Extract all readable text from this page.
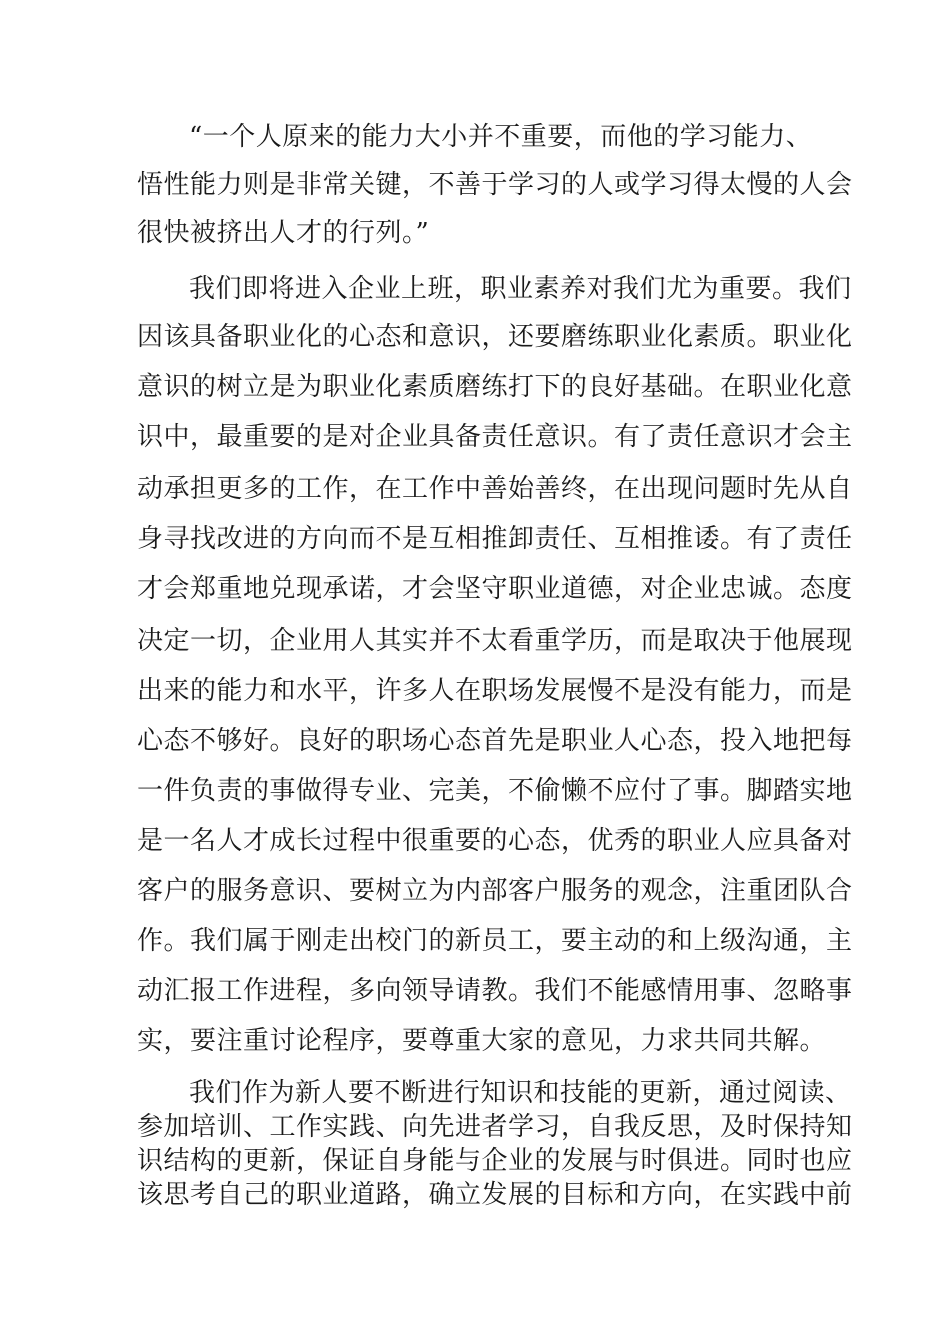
“一个人原来的能力大小并不重要，而他的学习能力、

悟性能力则是非常关键，不善于学习的人或学习得太慢的人会

很快被挤出人才的行列。”

我们即将进入企业上班，职业素养对我们尤为重要。我们

因该具备职业化的心态和意识，还要磨练职业化素质。职业化

意识的树立是为职业化素质磨练打下的良好基础。在职业化意

识中，最重要的是对企业具备责任意识。有了责任意识才会主

动承担更多的工作，在工作中善始善终，在出现问题时先从自

身寻找改进的方向而不是互相推卸责任、互相推诿。有了责任

才会郑重地兑现承诺，才会坚守职业道德，对企业忠诚。态度

决定一切，企业用人其实并不太看重学历，而是取决于他展现

出来的能力和水平，许多人在职场发展慢不是没有能力，而是

心态不够好。良好的职场心态首先是职业人心态，投入地把每

一件负责的事做得专业、完美，不偷懒不应付了事。脚踏实地

是一名人才成长过程中很重要的心态，优秀的职业人应具备对

客户的服务意识、要树立为内部客户服务的观念，注重团队合

作。我们属于刚走出校门的新员工，要主动的和上级沟通，主

动汇报工作进程，多向领导请教。我们不能感情用事、忽略事

实，要注重讨论程序，要尊重大家的意见，力求共同共解。

我们作为新人要不断进行知识和技能的更新，通过阅读、

参加培训、工作实践、向先进者学习，自我反思，及时保持知

识结构的更新，保证自身能与企业的发展与时俱进。同时也应

该思考自己的职业道路，确立发展的目标和方向，在实践中前
